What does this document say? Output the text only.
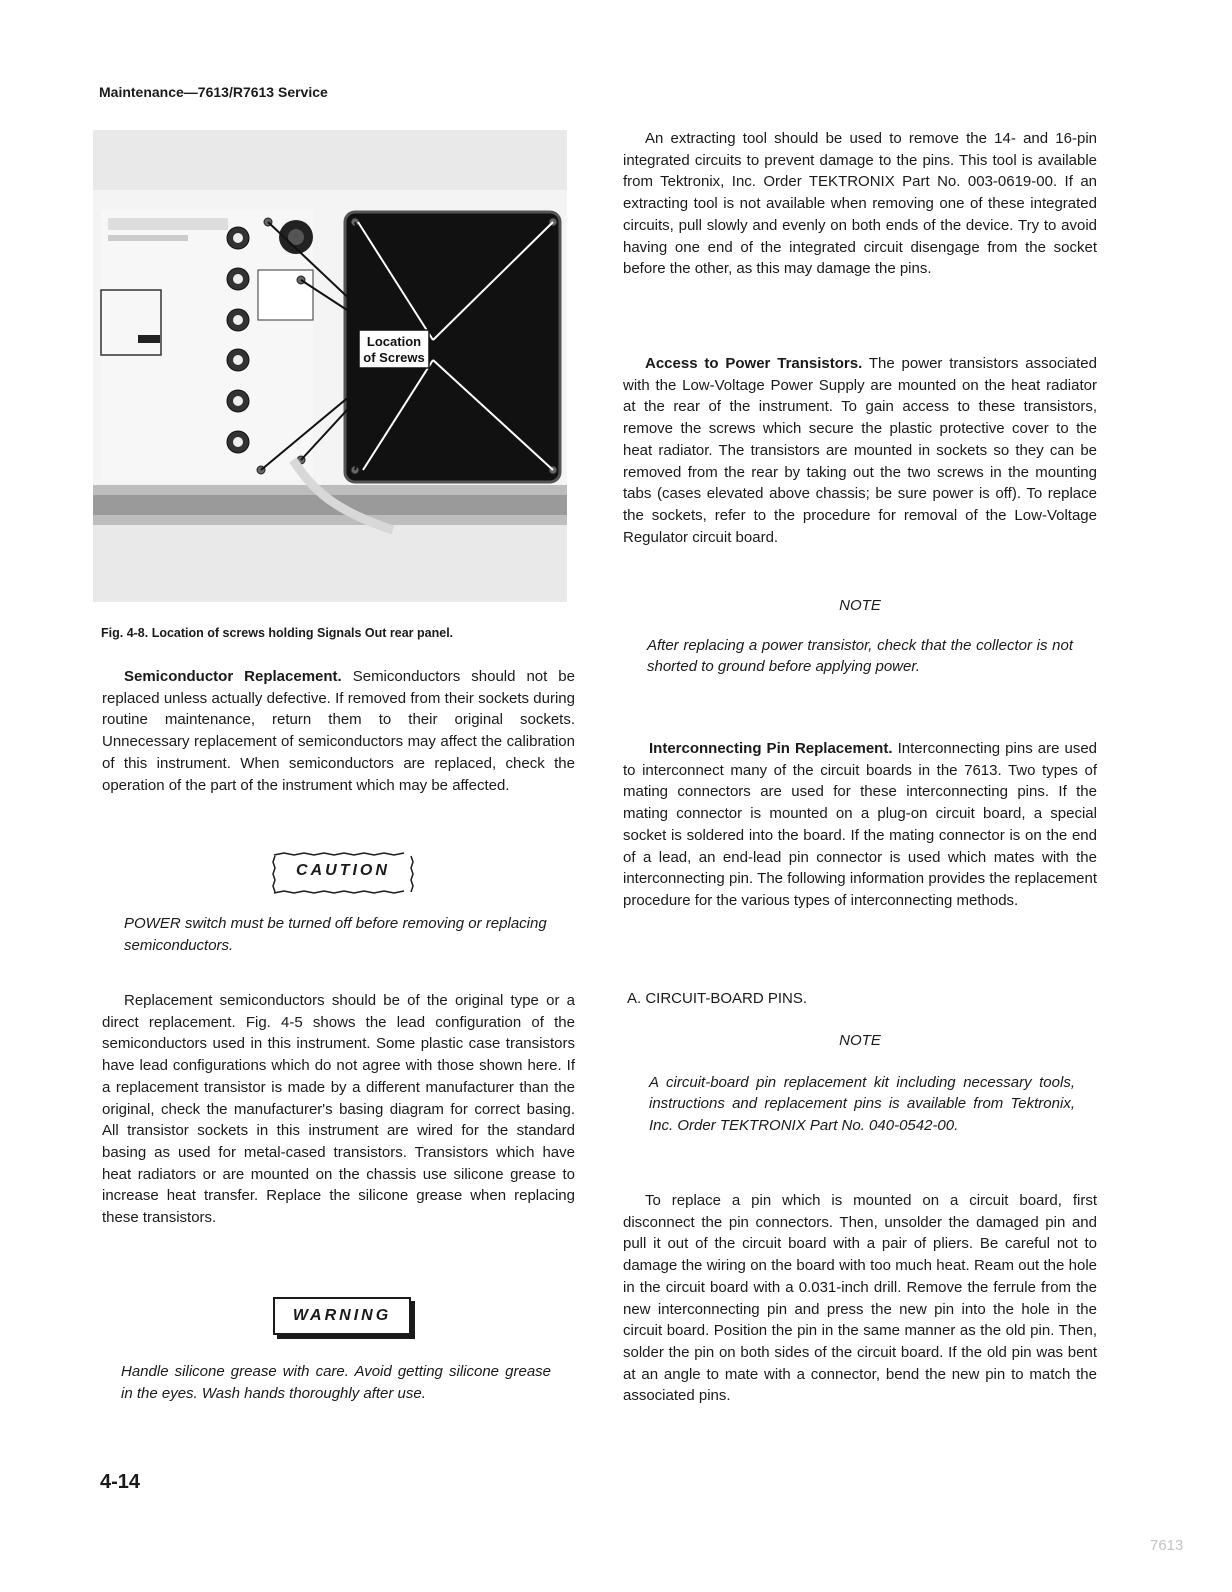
Maintenance—7613/R7613 Service
Location
of Screws
Fig. 4-8. Location of screws holding Signals Out rear panel.

Semiconductor Replacement. Semiconductors should not be replaced unless actually defective. If removed from their sockets during routine maintenance, return them to their original sockets. Unnecessary replacement of semiconductors may affect the calibration of this instrument. When semiconductors are replaced, check the operation of the part of the instrument which may be affected.

CAUTION
POWER switch must be turned off before removing or replacing semiconductors.

Replacement semiconductors should be of the original type or a direct replacement. Fig. 4-5 shows the lead configuration of the semiconductors used in this instrument. Some plastic case transistors have lead configurations which do not agree with those shown here. If a replacement transistor is made by a different manufacturer than the original, check the manufacturer's basing diagram for correct basing. All transistor sockets in this instrument are wired for the standard basing as used for metal-cased transistors. Transistors which have heat radiators or are mounted on the chassis use silicone grease to increase heat transfer. Replace the silicone grease when replacing these transistors.

WARNING
Handle silicone grease with care. Avoid getting silicone grease in the eyes. Wash hands thoroughly after use.

An extracting tool should be used to remove the 14- and 16-pin integrated circuits to prevent damage to the pins. This tool is available from Tektronix, Inc. Order TEKTRONIX Part No. 003-0619-00. If an extracting tool is not available when removing one of these integrated circuits, pull slowly and evenly on both ends of the device. Try to avoid having one end of the integrated circuit disengage from the socket before the other, as this may damage the pins.

Access to Power Transistors. The power transistors associated with the Low-Voltage Power Supply are mounted on the heat radiator at the rear of the instrument. To gain access to these transistors, remove the screws which secure the plastic protective cover to the heat radiator. The transistors are mounted in sockets so they can be removed from the rear by taking out the two screws in the mounting tabs (cases elevated above chassis; be sure power is off). To replace the sockets, refer to the procedure for removal of the Low-Voltage Regulator circuit board.

NOTE

After replacing a power transistor, check that the collector is not shorted to ground before applying power.

Interconnecting Pin Replacement. Interconnecting pins are used to interconnect many of the circuit boards in the 7613. Two types of mating connectors are used for these interconnecting pins. If the mating connector is mounted on a plug-on circuit board, a special socket is soldered into the board. If the mating connector is on the end of a lead, an end-lead pin connector is used which mates with the interconnecting pin. The following information provides the replacement procedure for the various types of interconnecting methods.

A. CIRCUIT-BOARD PINS.

NOTE

A circuit-board pin replacement kit including necessary tools, instructions and replacement pins is available from Tektronix, Inc. Order TEKTRONIX Part No. 040-0542-00.

To replace a pin which is mounted on a circuit board, first disconnect the pin connectors. Then, unsolder the damaged pin and pull it out of the circuit board with a pair of pliers. Be careful not to damage the wiring on the board with too much heat. Ream out the hole in the circuit board with a 0.031-inch drill. Remove the ferrule from the new interconnecting pin and press the new pin into the hole in the circuit board. Position the pin in the same manner as the old pin. Then, solder the pin on both sides of the circuit board. If the old pin was bent at an angle to mate with a connector, bend the new pin to match the associated pins.

4-14
7613
